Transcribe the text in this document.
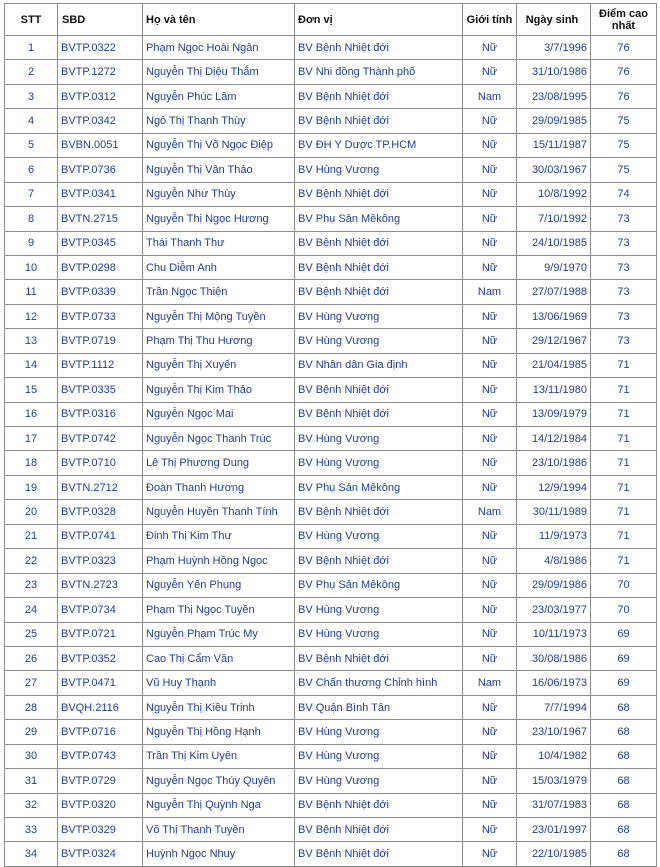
STT	SBD	Họ và tên	Đơn vị	Giới tính	Ngày sinh	Điểm cao
nhất

1	BVTP.0322	Phạm Ngọc Hoài Ngân	BV Bệnh Nhiệt đới	Nữ	3/7/1996	76
2	BVTP.1272	Nguyễn Thị Diệu Thắm	BV Nhi đồng Thành phố	Nữ	31/10/1986	76
3	BVTP.0312	Nguyễn Phúc Lâm	BV Bệnh Nhiệt đới	Nam	23/08/1995	76
4	BVTP.0342	Ngô Thị Thanh Thùy	BV Bệnh Nhiệt đới	Nữ	29/09/1985	75
5	BVBN.0051	Nguyễn Thị Võ Ngọc Điệp	BV ĐH Y Dược TP.HCM	Nữ	15/11/1987	75
6	BVTP.0736	Nguyễn Thị Vân Thảo	BV Hùng Vương	Nữ	30/03/1967	75
7	BVTP.0341	Nguyễn Như Thùy	BV Bệnh Nhiệt đới	Nữ	10/8/1992	74
8	BVTN.2715	Nguyễn Thị Ngọc Hương	BV Phụ Sản Mêkông	Nữ	7/10/1992	73
9	BVTP.0345	Thái Thanh Thư	BV Bệnh Nhiệt đới	Nữ	24/10/1985	73
10	BVTP.0298	Chu Diễm Anh	BV Bệnh Nhiệt đới	Nữ	9/9/1970	73
11	BVTP.0339	Trần Ngọc Thiện	BV Bệnh Nhiệt đới	Nam	27/07/1988	73
12	BVTP.0733	Nguyễn Thị Mộng Tuyền	BV Hùng Vương	Nữ	13/06/1969	73
13	BVTP.0719	Phạm Thị Thu Hương	BV Hùng Vương	Nữ	29/12/1967	73
14	BVTP.1112	Nguyễn Thị Xuyến	BV Nhân dân Gia định	Nữ	21/04/1985	71
15	BVTP.0335	Nguyễn Thị Kim Thảo	BV Bệnh Nhiệt đới	Nữ	13/11/1980	71
16	BVTP.0316	Nguyễn Ngọc Mai	BV Bệnh Nhiệt đới	Nữ	13/09/1979	71
17	BVTP.0742	Nguyễn Ngọc Thanh Trúc	BV Hùng Vương	Nữ	14/12/1984	71
18	BVTP.0710	Lê Thị Phương Dung	BV Hùng Vương	Nữ	23/10/1986	71
19	BVTN.2712	Đoàn Thanh Hương	BV Phụ Sản Mêkông	Nữ	12/9/1994	71
20	BVTP.0328	Nguyễn Huyền Thanh Tính	BV Bệnh Nhiệt đới	Nam	30/11/1989	71
21	BVTP.0741	Đinh Thị Kim Thư	BV Hùng Vương	Nữ	11/9/1973	71
22	BVTP.0323	Phạm Huỳnh Hồng Ngọc	BV Bệnh Nhiệt đới	Nữ	4/8/1986	71
23	BVTN.2723	Nguyễn Yến Phụng	BV Phụ Sản Mêkông	Nữ	29/09/1986	70
24	BVTP.0734	Phạm Thị Ngọc Tuyền	BV Hùng Vương	Nữ	23/03/1977	70
25	BVTP.0721	Nguyễn Phạm Trúc My	BV Hùng Vương	Nữ	10/11/1973	69
26	BVTP.0352	Cao Thị Cẩm Vân	BV Bệnh Nhiệt đới	Nữ	30/08/1986	69
27	BVTP.0471	Vũ Huy Thạnh	BV Chấn thương Chỉnh hình	Nam	16/06/1973	69
28	BVQH.2116	Nguyễn Thị Kiều Trinh	BV Quận Bình Tân	Nữ	7/7/1994	68
29	BVTP.0716	Nguyễn Thị Hồng Hạnh	BV Hùng Vương	Nữ	23/10/1967	68
30	BVTP.0743	Trần Thị Kim Uyên	BV Hùng Vương	Nữ	10/4/1982	68
31	BVTP.0729	Nguyễn Ngọc Thúy Quyên	BV Hùng Vương	Nữ	15/03/1979	68
32	BVTP.0320	Nguyễn Thị Quỳnh Nga	BV Bệnh Nhiệt đới	Nữ	31/07/1983	68
33	BVTP.0329	Võ Thị Thanh Tuyền	BV Bệnh Nhiệt đới	Nữ	23/01/1997	68
34	BVTP.0324	Huỳnh Ngọc Nhuy	BV Bệnh Nhiệt đới	Nữ	22/10/1985	68
